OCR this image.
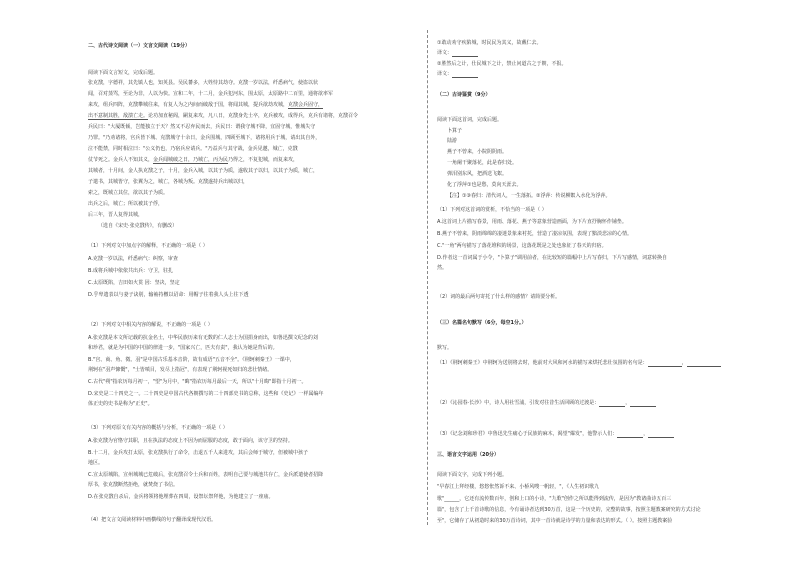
二、古代诗文阅读（一）文言文阅读（19分）
阅读下面文言短文，完成后题。
张克戬，字德祥，其先镇人也，知英县。吴民蕃多，大姓恃其劫夺。克戬一岁以法，纤悉病气，使盗以状
闻，召对蒸骂，至论为非，人以为快。宣和二年，十二月，金兵犯河东，围太原，太原路中二百里，通将欲率军
来攻，组兵四阵，克戬攀城往来，有复人为之内间而破敌于国，将闻其城，提兵欲劫攻城，克戬会兵固守，
出不意制其胜，敌溃亡走。论功加直秘阁，嗣复来攻，凡八日，克戬身先士卒，克兵被攻，成得兵，克兵有诸将，克戬召令
兵民曰："大厦既倾，岂能独立于天？然又不忍弃民而去，兵民曰：谓我守城不降，宜固守城，惟城失守
乃罪。"乃劝诸将，官兵皆下城、克戬城守十余日，金兵围城，四顾至城下，诸将用兵于城，请出其自外，
泣不能禁，同时相泣曰："公义仍也，乃宿兵应请兵。"乃益兵与其守战，金兵见邀，城亡，克戬
仗节死之。金兵人不知其义，金兵闻城破之日，乃城亡，丙为民乃得之，不复犯城，而复来攻，
其城者，十月间，金人执克戬之子，十月，金兵入城，以其子为质，遂收其子以归，以其子为质，城亡，
子遣书，其城皆守，张翼为之，城亡，各城为叛。克戬遂持兵出城以归，
索之，既城立其位，欲以其子为质。
出兵之后，城亡；所以被其子俘，
后三年，晋人复得其城，
（选自《宋史·张克戬传》，有删改）
（1）下列对文中加点字的解释，不正确的一项是（ ）
A.克戬一岁以法，纤悉病气：纠察，审查
B.成将兵城中依依共出兵：守卫，驻扎
C.太原既陷，吉田如火贯 因：坚决，坚定
D.乎卑遗表以与妻子诀别，输袖持檄以诏命：用帽子往着我人头上往下透
（2）下列对文中相关内容的解说，不正确的一项是（ ）
A.张克戬是本文所记载的抗金名士，中华民族历来有无数的仁人志士为国捐身而出，如鲁迅撰文纪念的刘
和珍君，就是为中国的中国的律进一步，"国家兴亡，匹夫有责"，我认为她是背后的。
B."宫、商、角、徵、羽"是中国古乐基本音阶，故有成语"五音不全"。《荆轲刺秦王》一课中，
荆轲在"羽声慷慨"，"士皆嗔目，发尽上指冠"，有表现了荆轲视死如归的悲壮情绪。
C.古代"朔"指农历每月初一，"望"为月中，"晦"指农历每月最后一天，所以"十月晦"即指十月初一。
D.宋史是二十四史之一。二十四史是中国古代各朝撰写的二十四部史书的总称，这些和《史记》一样属编年
体正史的史书是称为"正史"。
（3）下列对原文有关内容的概括与分析，不正确的一项是（ ）
A.张克戬为官恪守其职，且在执法的态度上不因为而屈服的态度，敢于面向，该守卫的坚持。
B.十二月，金兵攻打太原，张克戬执行了命令，击退五千人来进攻，其后会师于城守，但被城中孩子
地区。
C.宣太原城陷，宣州城城已危破后，张克戬召令士兵和百姓，表明自己要与城池共存亡，金兵派遣使者招降
厚书，张克戬断然拒绝，就焚烧了书信。
D.在张克戬自杀后，金兵将领将他埋葬在四周，设祭坛祭拜他，为他建立了一座庙。
（4）把文言文阅读材料中画横线的句子翻译成现代汉语。
①敢动劝守疾陷城，时民民为其义，故戴仁去。
译文：
②胜然后之计，仕民城下之计，禁止问道古之于朝，不报。
译文：
（二）古诗鉴赏（9分）
阅读下面这首词，完成后题。
卜算子
陆游
燕子不曾来，小院阴阴雨。
一角阑干聚落花，此是春归处。
弹泪别东风，把酒送飞絮。
化了浮萍①也是愁，莫向天涯去。
【注】①③春归：清代词人，一生落拓。②浮萍：传说柳絮入水化为浮萍。
（1）下列对这首词的赏析，不恰当的一项是（ ）
A.这首词上片描写春景，用雨、落花、燕子等意象营造画面，为下片直抒胸怀作铺垫。
B.燕子不曾来，阴雨绵绵的凄迷景象来衬托，营造了凄凉氛围，表现了黯淡悲凉的心情。
C."一角"两句描写了落花堆积的场景，这落花既是之处也象征了春天的归宿。
D.作者这一首词属于小令，"卜算子"调用前者，在比较短的篇幅中上片写春归，下片写感情，词意转换自
然。
（2）词的最后两句寄托了什么样的感情？请简要分析。
（三）名篇名句默写（6分，每空1分。）
默写。
（1）《荆轲刺秦王》中荆轲为送别将去时，他前对大风和河水的描写来烘托悲壮氛围的名句是：	，
（2）《沁园春·长沙》中，诗人用社雪浦，引发对往昔生活回顾的过渡是：	，
（3）《记念刘和珍君》中鲁迅先生痛心于民族的麻木，渴望"爆发"，他警示人们：	，
三、语言文字运用（20分）
阅读下面文字，完成下列小题。
"早春江上拜经楼，悠悠怅然诉不来、小桥风嗖一帆轻，"，《人生初识歌九
歌"______，它还有流传数百年，创和上口的小诗，"九歌"创作之所以能得到流传，是因为"教诸曲诗五百三
篇"，包含了上千首诗歌的信息，今有诵诗者达到30万首，这是一个历史的，完整的故事，按照主题教案研究的方式讨论
至"，它储存了从初造时来的30万首诗词，其中一首诗就是诗学的力量和表达的形式。（ ）。按照主题教案验
